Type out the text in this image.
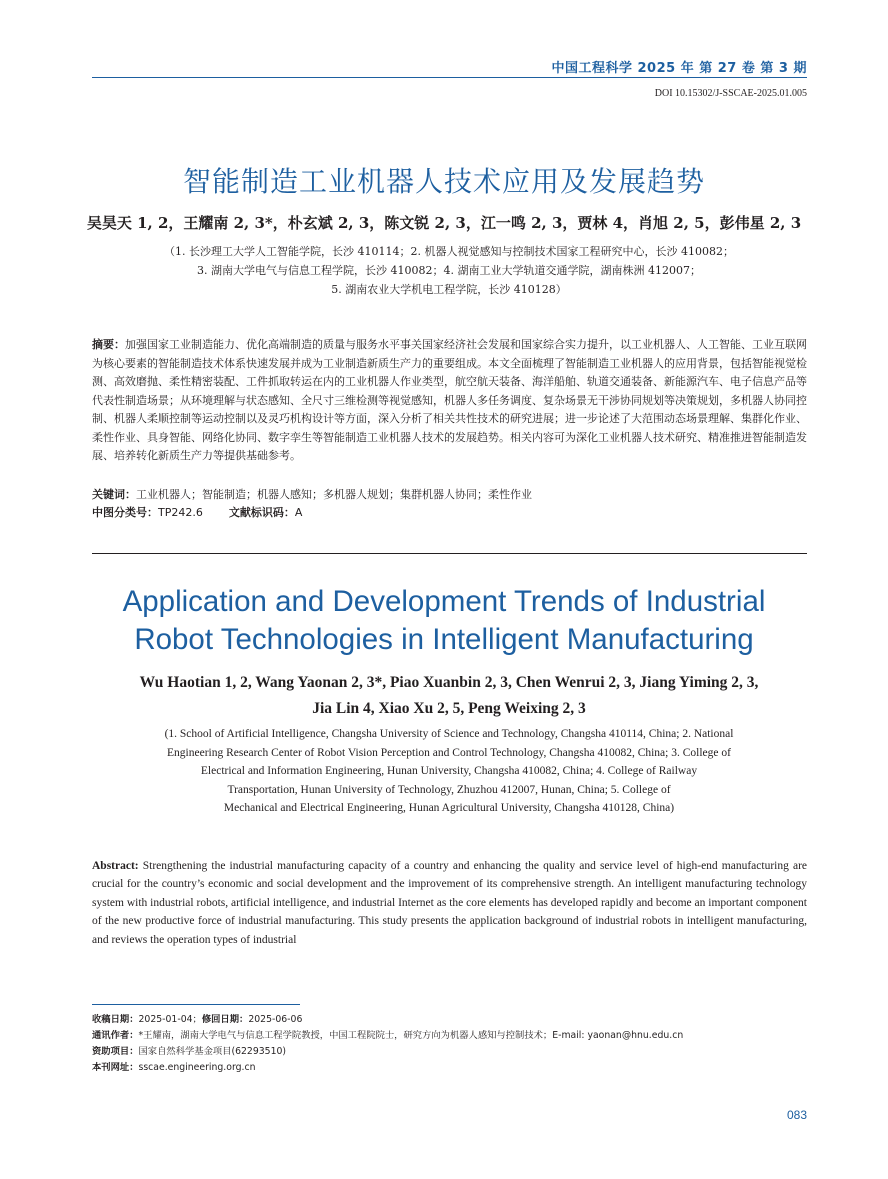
中国工程科学 2025 年 第 27 卷 第 3 期
DOI 10.15302/J-SSCAE-2025.01.005
智能制造工业机器人技术应用及发展趋势
吴昊天 1, 2，王耀南 2, 3*，朴玄斌 2, 3，陈文锐 2, 3，江一鸣 2, 3，贾林 4，肖旭 2, 5，彭伟星 2, 3
（1. 长沙理工大学人工智能学院，长沙 410114；2. 机器人视觉感知与控制技术国家工程研究中心，长沙 410082；
3. 湖南大学电气与信息工程学院，长沙 410082；4. 湖南工业大学轨道交通学院，湖南株洲 412007；
5. 湖南农业大学机电工程学院，长沙 410128）
摘要：加强国家工业制造能力、优化高端制造的质量与服务水平事关国家经济社会发展和国家综合实力提升，以工业机器人、人工智能、工业互联网为核心要素的智能制造技术体系快速发展并成为工业制造新质生产力的重要组成。本文全面梳理了智能制造工业机器人的应用背景，包括智能视觉检测、高效磨抛、柔性精密装配、工件抓取转运在内的工业机器人作业类型，航空航天装备、海洋船舶、轨道交通装备、新能源汽车、电子信息产品等代表性制造场景；从环境理解与状态感知、全尺寸三维检测等视觉感知，机器人多任务调度、复杂场景无干涉协同规划等决策规划，多机器人协同控制、机器人柔顺控制等运动控制以及灵巧机构设计等方面，深入分析了相关共性技术的研究进展；进一步论述了大范围动态场景理解、集群化作业、柔性作业、具身智能、网络化协同、数字孪生等智能制造工业机器人技术的发展趋势。相关内容可为深化工业机器人技术研究、精准推进智能制造发展、培养转化新质生产力等提供基础参考。
关键词：工业机器人；智能制造；机器人感知；多机器人规划；集群机器人协同；柔性作业
中图分类号：TP242.6 文献标识码：A
Application and Development Trends of Industrial
Robot Technologies in Intelligent Manufacturing
Wu Haotian 1, 2, Wang Yaonan 2, 3*, Piao Xuanbin 2, 3, Chen Wenrui 2, 3, Jiang Yiming 2, 3,
Jia Lin 4, Xiao Xu 2, 5, Peng Weixing 2, 3
(1. School of Artificial Intelligence, Changsha University of Science and Technology, Changsha 410114, China; 2. National
Engineering Research Center of Robot Vision Perception and Control Technology, Changsha 410082, China; 3. College of
Electrical and Information Engineering, Hunan University, Changsha 410082, China; 4. College of Railway
Transportation, Hunan University of Technology, Zhuzhou 412007, Hunan, China; 5. College of
Mechanical and Electrical Engineering, Hunan Agricultural University, Changsha 410128, China)
Abstract: Strengthening the industrial manufacturing capacity of a country and enhancing the quality and service level of high-end manufacturing are crucial for the country’s economic and social development and the improvement of its comprehensive strength. An intelligent manufacturing technology system with industrial robots, artificial intelligence, and industrial Internet as the core elements has developed rapidly and become an important component of the new productive force of industrial manufacturing. This study presents the application background of industrial robots in intelligent manufacturing, and reviews the operation types of industrial
收稿日期：2025-01-04；修回日期：2025-06-06
通讯作者：*王耀南，湖南大学电气与信息工程学院教授，中国工程院院士，研究方向为机器人感知与控制技术；E-mail: yaonan@hnu.edu.cn
资助项目：国家自然科学基金项目(62293510)
本刊网址：sscae.engineering.org.cn
083
